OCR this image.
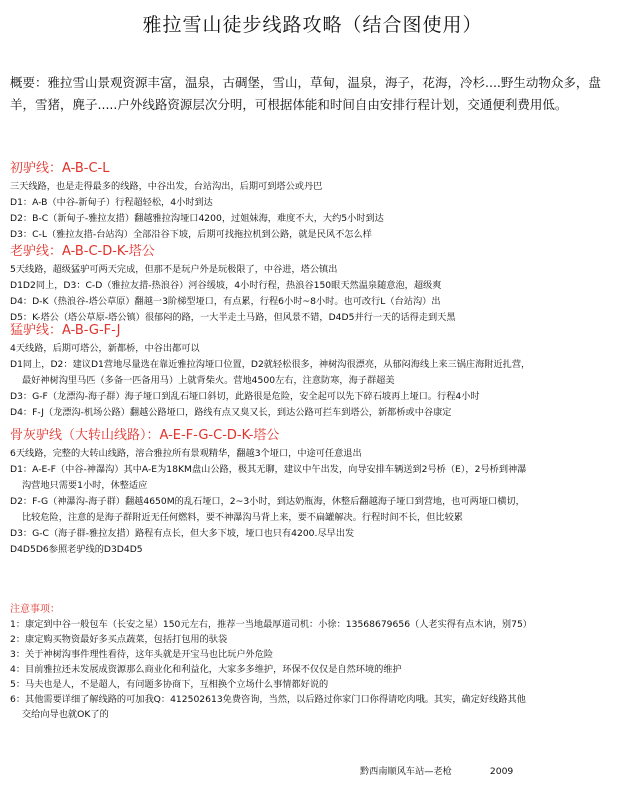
雅拉雪山徒步线路攻略（结合图使用）
概要：雅拉雪山景观资源丰富，温泉，古碉堡，雪山，草甸，温泉，海子，花海，冷杉....野生动物众多，盘羊，雪猪，麂子.....户外线路资源层次分明，可根据体能和时间自由安排行程计划，交通便利费用低。
初驴线：A-B-C-L
三天线路，也是走得最多的线路，中谷出发，台站沟出，后期可到塔公或丹巴
D1：A-B（中谷-新甸子）行程超轻松，4小时到达
D2：B-C（新甸子-雅拉友措）翻越雅拉沟垭口4200，过姐妹海，难度不大，大约5小时到达
D3：C-L（雅拉友措-台站沟）全部沿谷下坡，后期可找拖拉机到公路，就是民风不怎么样
老驴线：A-B-C-D-K-塔公
5天线路，超级猛驴可两天完成，但那不是玩户外是玩极限了，中谷进，塔公镇出
D1D2同上，D3：C-D（雅拉友措-热浪谷）河谷缓坡，4小时行程，热浪谷150眼天然温泉随意泡，超级爽
D4：D-K（热浪谷-塔公草原）翻越一3阶梯型垭口，有点累，行程6小时~8小时。也可改行L（台站沟）出
D5：K-塔公（塔公草原-塔公镇）很郁闷的路，一大半走土马路，但风景不错，D4D5并行一天的话得走到天黑
猛驴线：A-B-G-F-J
4天线路，后期可塔公，新都桥，中谷出都可以
D1同上，D2：建议D1营地尽量选在靠近雅拉沟垭口位置，D2就轻松很多，神树沟很漂亮，从郁闷海线上来三锅庄海附近扎营，
最好神树沟里马匹（多备一匹备用马）上就背柴火。营地4500左右，注意防寒，海子群超美
D3：G-F（龙漂沟-海子群）海子垭口到乱石垭口斜切，此路很是危险，安全起可以先下碎石坡再上垭口。行程4小时
D4：F-J（龙漂沟-机场公路）翻越公路垭口，路线有点又臭又长，到达公路可拦车到塔公，新都桥或中谷康定
骨灰驴线（大转山线路）：A-E-F-G-C-D-K-塔公
6天线路，完整的大转山线路，溶合雅拉所有景观精华，翻越3个垭口，中途可任意退出
D1：A-E-F（中谷-神瀑沟）其中A-E为18KM盘山公路，极其无聊，建议中午出发，向导安排车辆送到2号桥（E），2号桥到神瀑
沟营地只需要1小时，休整适应
D2：F-G（神瀑沟-海子群）翻越4650M的乱石垭口，2~3小时，到达奶瓶海，休整后翻越海子垭口到营地，也可两垭口横切，
比较危险，注意的是海子群附近无任何燃料，要不神瀑沟马背上来，要不扁罐解决。行程时间不长，但比较累
D3：G-C（海子群-雅拉友措）路程有点长，但大多下坡，垭口也只有4200.尽早出发
D4D5D6参照老驴线的D3D4D5
注意事项：
1：康定到中谷一般包车（长安之星）150元左右，推荐一当地最厚道司机：小徐：13568679656（人老实得有点木讷，别75）
2：康定购买物资最好多买点蔬菜，包括打包用的驮袋
3：关于神树沟事件理性看待，这年头就是开宝马也比玩户外危险
4：目前雅拉还未发展成资源那么商业化和利益化，大家多多维护，环保不仅仅是自然环境的维护
5：马夫也是人，不是超人，有问题多协商下，互相换个立场什么事情都好说的
6：其他需要详细了解线路的可加我Q：412502613免费咨询，当然，以后路过你家门口你得请吃肉哦。其实，确定好线路其他
交给向导也就OK了的
黔西南顺风车站—老枪	2009
